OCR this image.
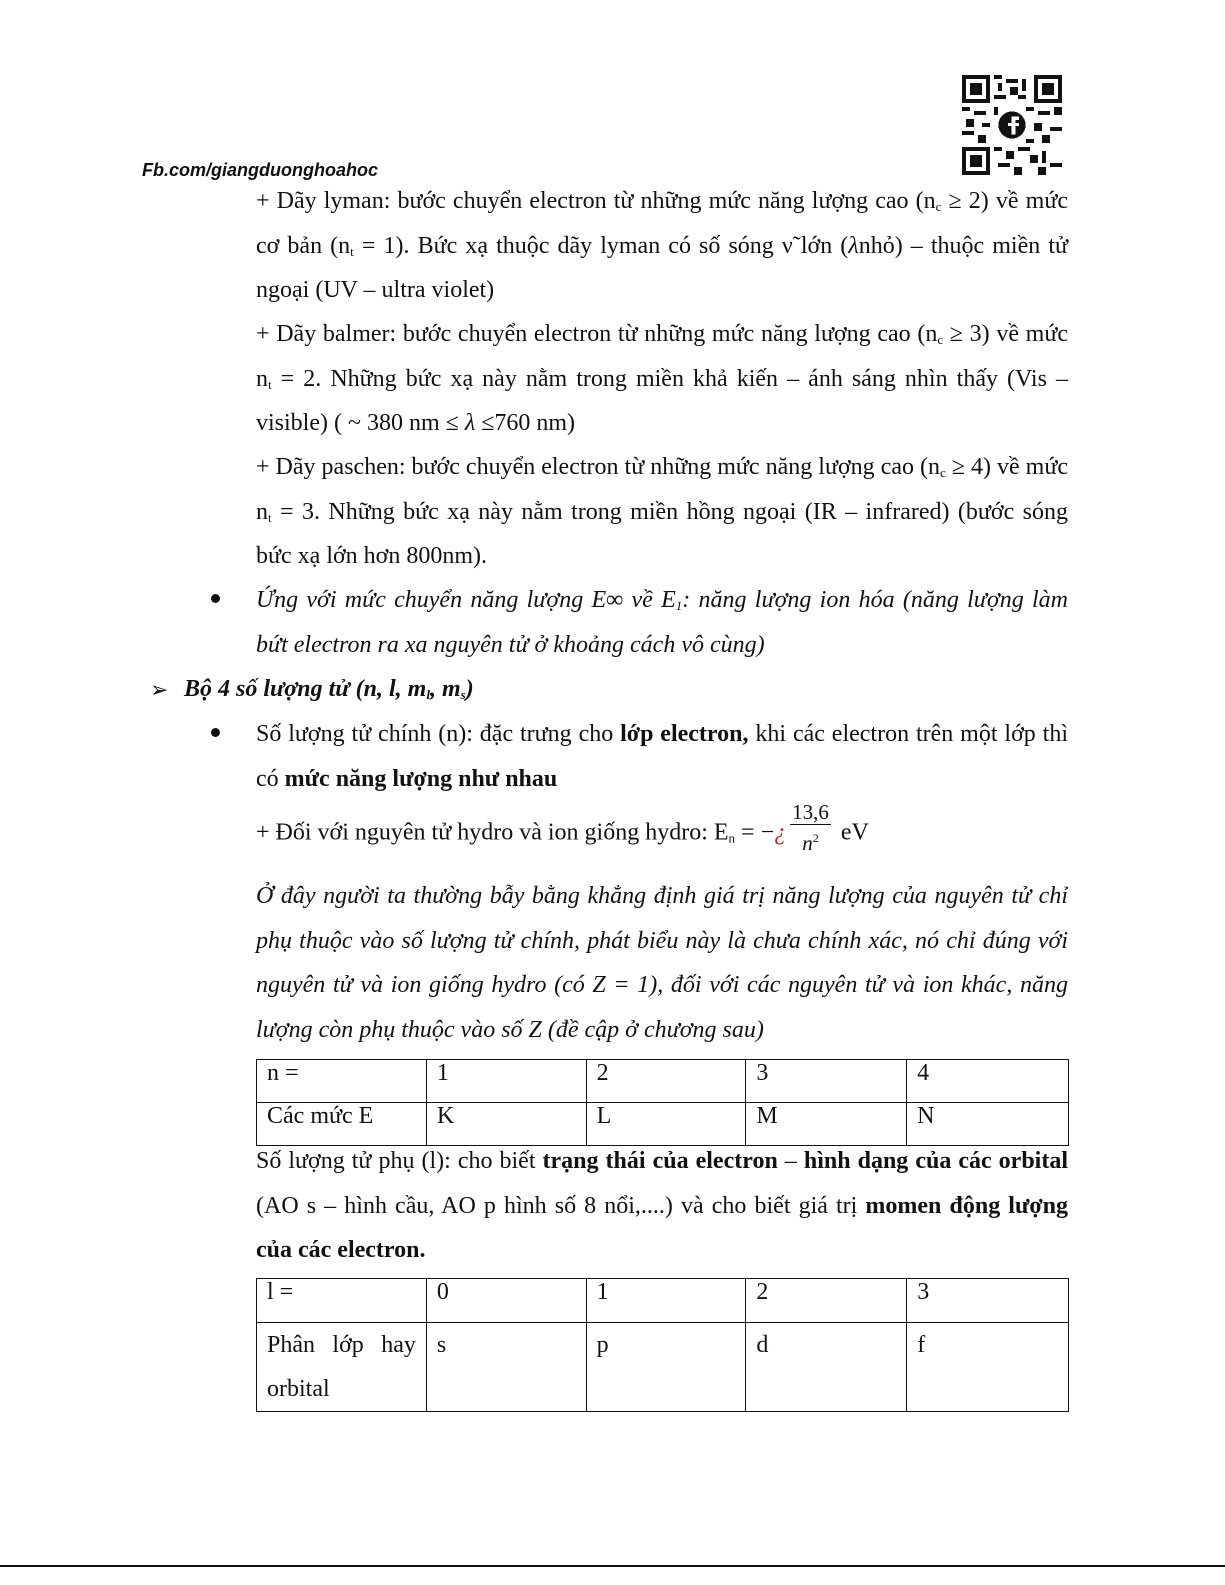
Fb.com/giangduonghoahoc

+ Dãy lyman: bước chuyển electron từ những mức năng lượng cao $(n_c \ge 2)$ về mức cơ bản $(n_t = 1)$. Bức xạ thuộc dãy lyman có số sóng ν̃ lớn (λnhỏ) – thuộc miền tử ngoại (UV – ultra violet)

+ Dãy balmer: bước chuyển electron từ những mức năng lượng cao $(n_c \ge 3)$ về mức $n_t = 2$. Những bức xạ này nằm trong miền khả kiến – ánh sáng nhìn thấy (Vis – visible) ( ~ 380 nm ≤ λ ≤760 nm)

+ Dãy paschen: bước chuyển electron từ những mức năng lượng cao $(n_c \ge 4)$ về mức $n_t = 3$. Những bức xạ này nằm trong miền hồng ngoại (IR – infrared) (bước sóng bức xạ lớn hơn 800nm).

Ứng với mức chuyển năng lượng E∞ về $E_1$: năng lượng ion hóa (năng lượng làm bứt electron ra xa nguyên tử ở khoảng cách vô cùng)

➢ Bộ 4 số lượng tử (n, l, $m_l$, $m_s$)

Số lượng tử chính (n): đặc trưng cho lớp electron, khi các electron trên một lớp thì có mức năng lượng như nhau

+ Đối với nguyên tử hydro và ion giống hydro: $E_n$ = −¿ $\frac{13,6}{n^2}$ eV

Ở đây người ta thường bẫy bằng khẳng định giá trị năng lượng của nguyên tử chỉ phụ thuộc vào số lượng tử chính, phát biểu này là chưa chính xác, nó chỉ đúng với nguyên tử và ion giống hydro (có Z = 1), đối với các nguyên tử và ion khác, năng lượng còn phụ thuộc vào số Z (đề cập ở chương sau)

n =	1	2	3	4
Các mức E	K	L	M	N

Số lượng tử phụ (l): cho biết trạng thái của electron – hình dạng của các orbital (AO s – hình cầu, AO p hình số 8 nổi,....) và cho biết giá trị momen động lượng của các electron.

l =	0	1	2	3
Phân lớp hay orbital	s	p	d	f
